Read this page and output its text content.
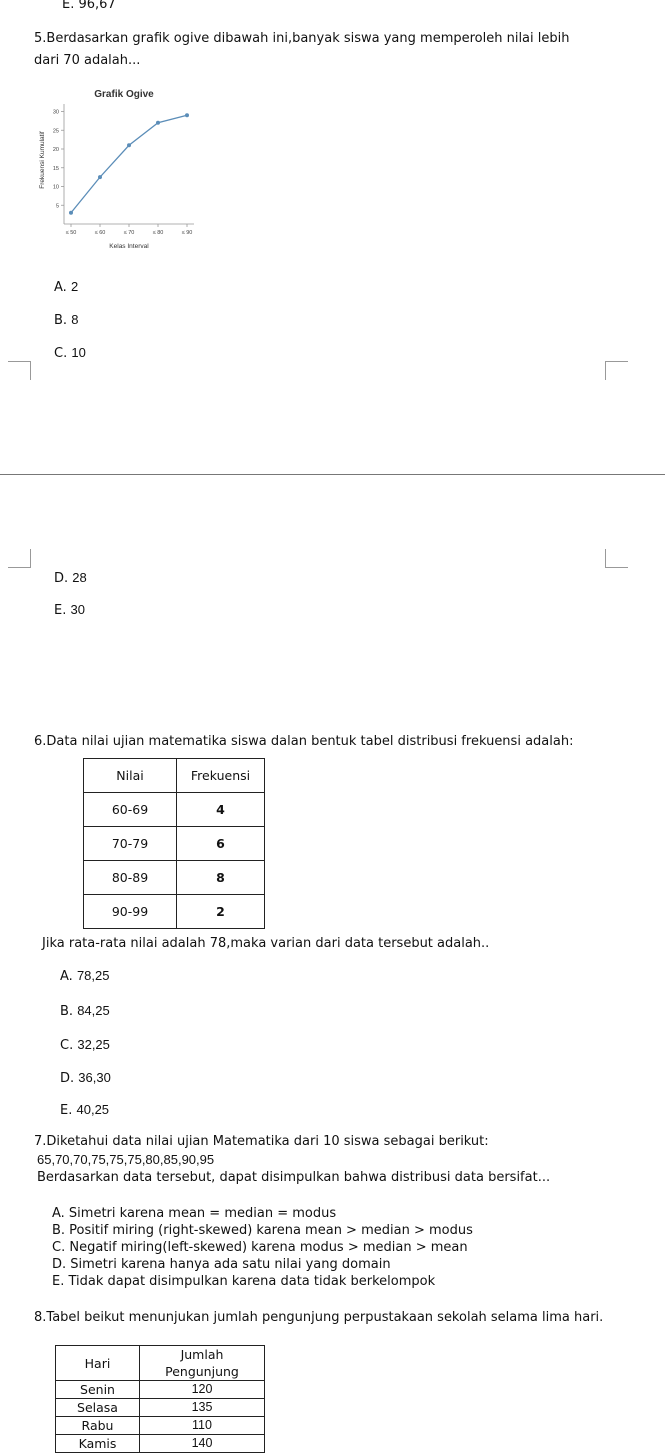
E. 96,67
5.Berdasarkan grafik ogive dibawah ini,banyak siswa yang memperoleh nilai lebih
dari 70 adalah...
Grafik Ogive
5
10
15
20
25
30
≤ 50	≤ 60	≤ 70	≤ 80	≤ 90
Kelas Interval
Frekuensi Kumulatif
A. 2
B. 8
C. 10
D. 28
E. 30
6.Data nilai ujian matematika siswa dalan bentuk tabel distribusi frekuensi adalah:
Nilai	Frekuensi
60-69	4
70-79	6
80-89	8
90-99	2
Jika rata-rata nilai adalah 78,maka varian dari data tersebut adalah..
A. 78,25
B. 84,25
C. 32,25
D. 36,30
E. 40,25
7.Diketahui data nilai ujian Matematika dari 10 siswa sebagai berikut:
65,70,70,75,75,75,80,85,90,95
Berdasarkan data tersebut, dapat disimpulkan bahwa distribusi data bersifat...
A. Simetri karena mean = median = modus
B. Positif miring (right-skewed) karena mean > median > modus
C. Negatif miring(left-skewed) karena modus > median > mean
D. Simetri karena hanya ada satu nilai yang domain
E. Tidak dapat disimpulkan karena data tidak berkelompok
8.Tabel beikut menunjukan jumlah pengunjung perpustakaan sekolah selama lima hari.
Hari	Jumlah
Pengunjung

Senin	120
Selasa	135
Rabu	110
Kamis	140
